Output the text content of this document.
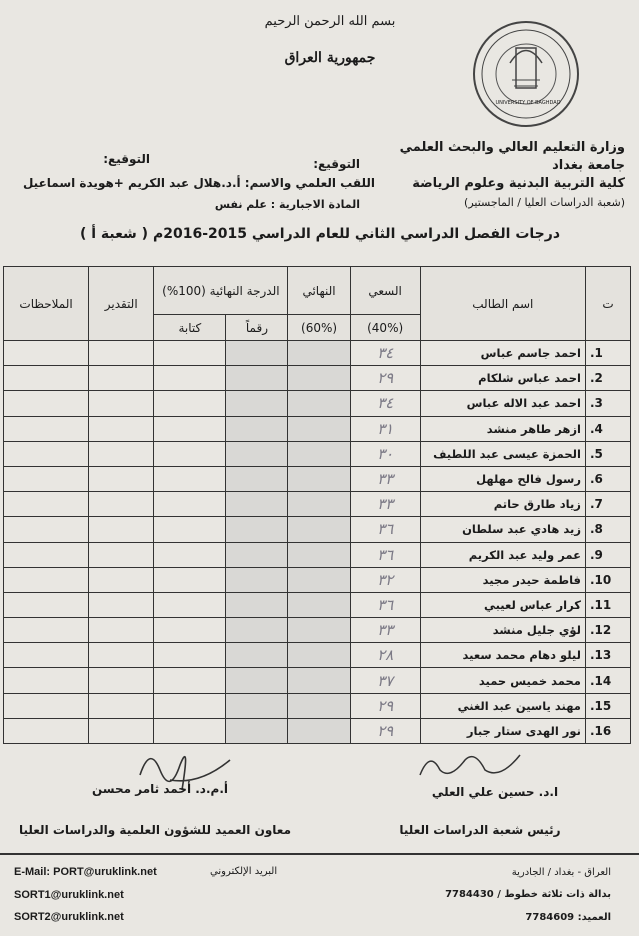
بسم الله الرحمن الرحيم
جمهورية العراق
UNIVERSITY OF BAGHDAD
وزارة التعليم العالي والبحث العلمي
جامعة بغداد
كلية التربية البدنية وعلوم الرياضة
(شعبة الدراسات العليا / الماجستير)
التوقيع:
التوقيع:
اللقب العلمي والاسم: أ.د.هلال عبد الكريم +هويدة اسماعيل
المادة الاجبارية : علم نفس
درجات الفصل الدراسي الثاني للعام الدراسي 2015-2016م ( شعبة أ )
ت	اسم الطالب	السعي	النهائي	الدرجة النهائية (100%)		التقدير	الملاحظات
		(40%)	(60%)	رقماً	كتابة		
1.	احمد جاسم عباس	٣٤					
2.	احمد عباس شلكام	٢٩					
3.	احمد عبد الاله عباس	٣٤					
4.	ازهر طاهر منشد	٣١					
5.	الحمزة عيسى عبد اللطيف	٣٠					
6.	رسول فالح مهلهل	٣٣					
7.	زياد طارق حاتم	٣٣					
8.	زيد هادي عبد سلطان	٣٦					
9.	عمر وليد عبد الكريم	٣٦					
10.	فاطمة حيدر مجيد	٣٢					
11.	كرار عباس لعيبي	٣٦					
12.	لؤي جليل منشد	٣٣					
13.	ليلو دهام محمد سعيد	٢٨					
14.	محمد خميس حميد	٣٧					
15.	مهند ياسين عبد الغني	٢٩					
16.	نور الهدى ستار جبار	٢٩					
أ.م.د. أحمد ثامر محسن	ا.د. حسين علي العلي
معاون العميد للشؤون العلمية والدراسات العليا	رئيس شعبة الدراسات العليا
البريد الإلكتروني
E-Mail: PORT@uruklink.net
SORT1@uruklink.net
SORT2@uruklink.net
العراق - بغداد / الجادرية
بدالة ذات ثلاثة خطوط / 7784430
العميد: 7784609
